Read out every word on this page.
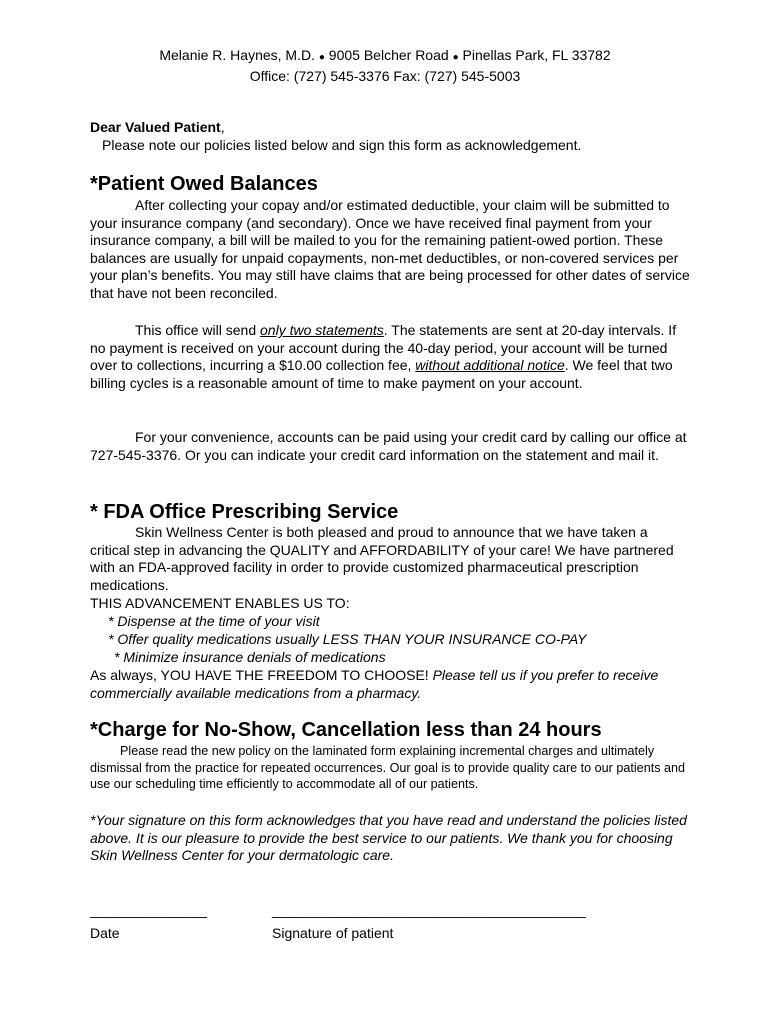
Melanie R. Haynes, M.D. ● 9005 Belcher Road ● Pinellas Park, FL 33782
Office: (727) 545-3376 Fax: (727) 545-5003
Dear Valued Patient,
Please note our policies listed below and sign this form as acknowledgement.
*Patient Owed Balances
After collecting your copay and/or estimated deductible, your claim will be submitted to your insurance company (and secondary). Once we have received final payment from your insurance company, a bill will be mailed to you for the remaining patient-owed portion. These balances are usually for unpaid copayments, non-met deductibles, or non-covered services per your plan’s benefits. You may still have claims that are being processed for other dates of service that have not been reconciled.
This office will send only two statements. The statements are sent at 20-day intervals. If no payment is received on your account during the 40-day period, your account will be turned over to collections, incurring a $10.00 collection fee, without additional notice. We feel that two billing cycles is a reasonable amount of time to make payment on your account.
For your convenience, accounts can be paid using your credit card by calling our office at 727-545-3376. Or you can indicate your credit card information on the statement and mail it.
* FDA Office Prescribing Service
Skin Wellness Center is both pleased and proud to announce that we have taken a critical step in advancing the QUALITY and AFFORDABILITY of your care! We have partnered with an FDA-approved facility in order to provide customized pharmaceutical prescription medications.
THIS ADVANCEMENT ENABLES US TO:
* Dispense at the time of your visit
* Offer quality medications usually LESS THAN YOUR INSURANCE CO-PAY
* Minimize insurance denials of medications
As always, YOU HAVE THE FREEDOM TO CHOOSE! Please tell us if you prefer to receive commercially available medications from a pharmacy.
*Charge for No-Show, Cancellation less than 24 hours
Please read the new policy on the laminated form explaining incremental charges and ultimately dismissal from the practice for repeated occurrences. Our goal is to provide quality care to our patients and use our scheduling time efficiently to accommodate all of our patients.
*Your signature on this form acknowledges that you have read and understand the policies listed above. It is our pleasure to provide the best service to our patients. We thank you for choosing Skin Wellness Center for your dermatologic care.
________________	___________________________________________
Date	Signature of patient
